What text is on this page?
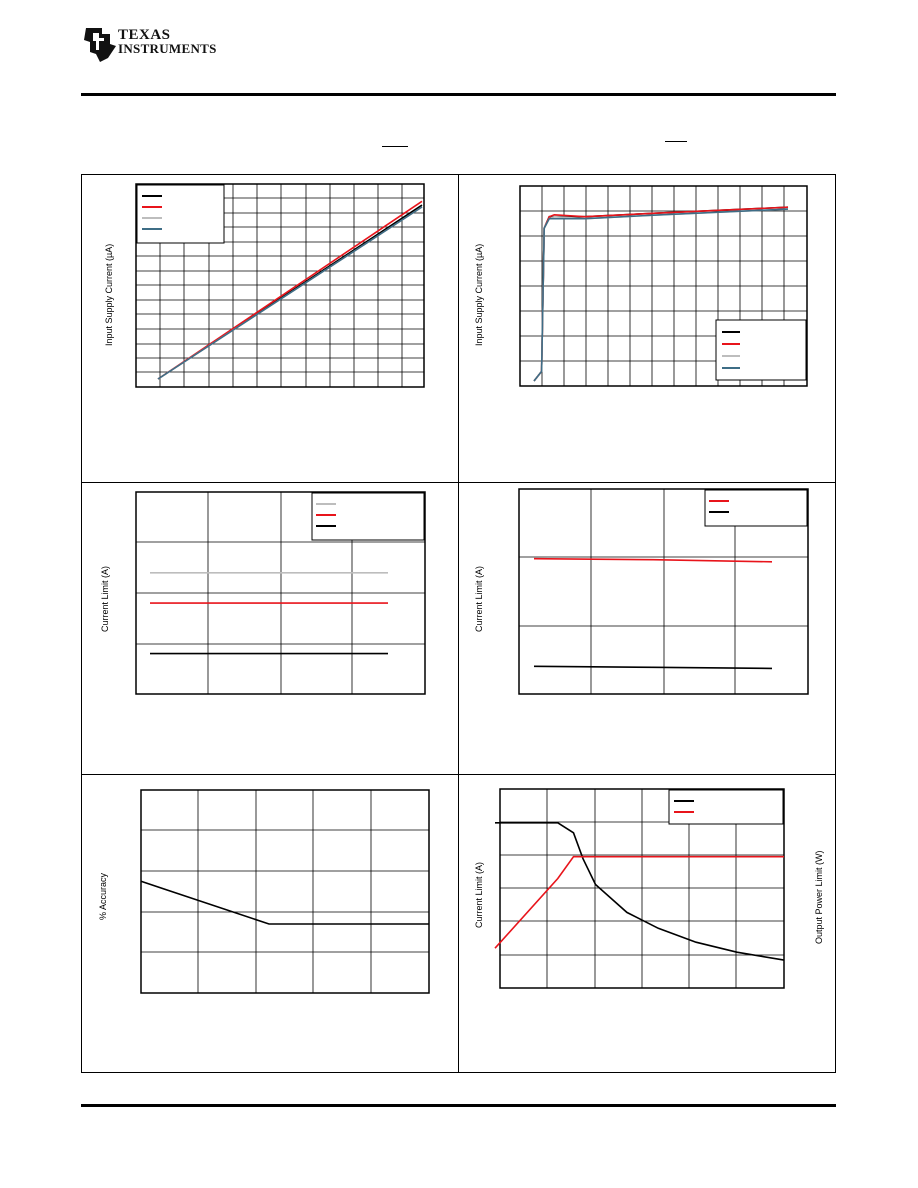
TEXAS
INSTRUMENTS
Input Supply Current (µA)	Input Supply Current (µA)
Current Limit (A)	Current Limit (A)
% Accuracy	Current Limit (A)	Output Power Limit (W)
